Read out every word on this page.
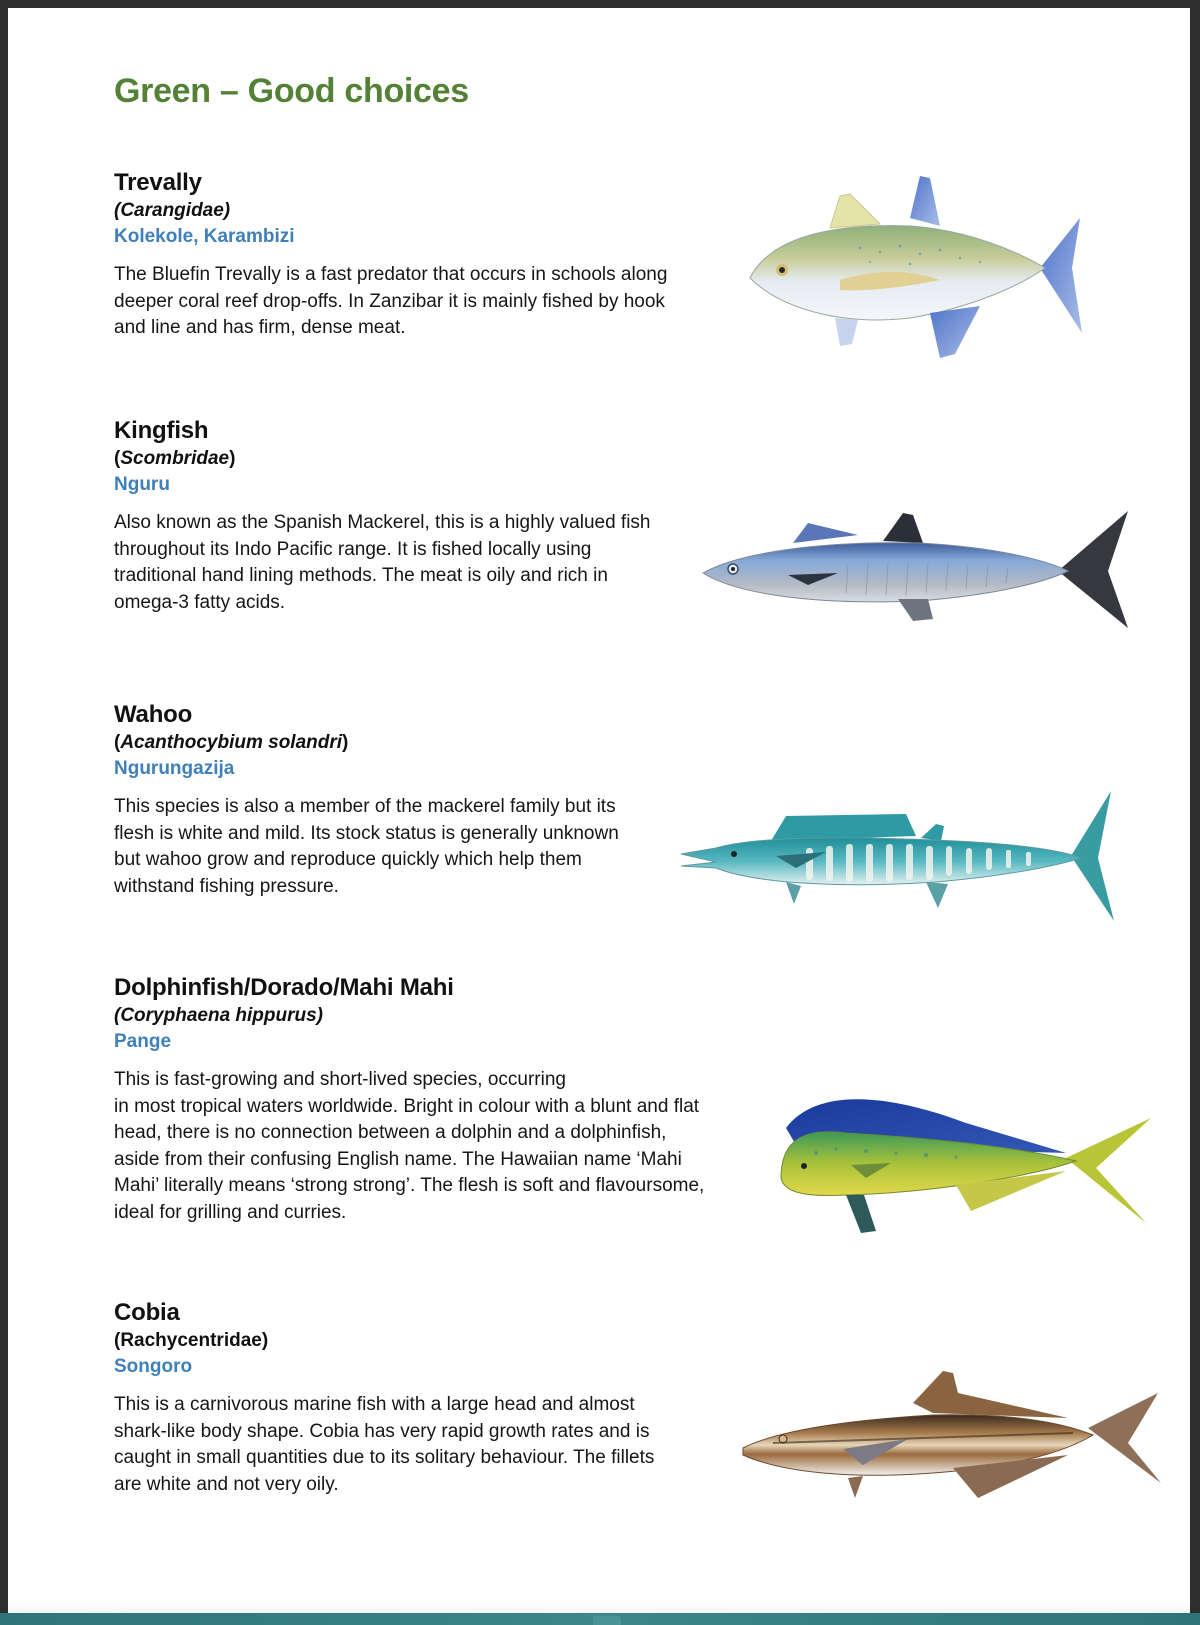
Green – Good choices
Trevally
(Carangidae)
Kolekole, Karambizi
The Bluefin Trevally is a fast predator that occurs in schools along
deeper coral reef drop-offs. In Zanzibar it is mainly fished by hook
and line and has firm, dense meat.
Kingfish
(Scombridae)
Nguru
Also known as the Spanish Mackerel, this is a highly valued fish
throughout its Indo Pacific range. It is fished locally using
traditional hand lining methods. The meat is oily and rich in
omega-3 fatty acids.
Wahoo
(Acanthocybium solandri)
Ngurungazija
This species is also a member of the mackerel family but its
flesh is white and mild. Its stock status is generally unknown
but wahoo grow and reproduce quickly which help them
withstand fishing pressure.
Dolphinfish/Dorado/Mahi Mahi
(Coryphaena hippurus)
Pange
This is fast-growing and short-lived species, occurring
in most tropical waters worldwide. Bright in colour with a blunt and flat
head, there is no connection between a dolphin and a dolphinfish,
aside from their confusing English name. The Hawaiian name ‘Mahi
Mahi’ literally means ‘strong strong’. The flesh is soft and flavoursome,
ideal for grilling and curries.
Cobia
(Rachycentridae)
Songoro
This is a carnivorous marine fish with a large head and almost
shark-like body shape. Cobia has very rapid growth rates and is
caught in small quantities due to its solitary behaviour. The fillets
are white and not very oily.
